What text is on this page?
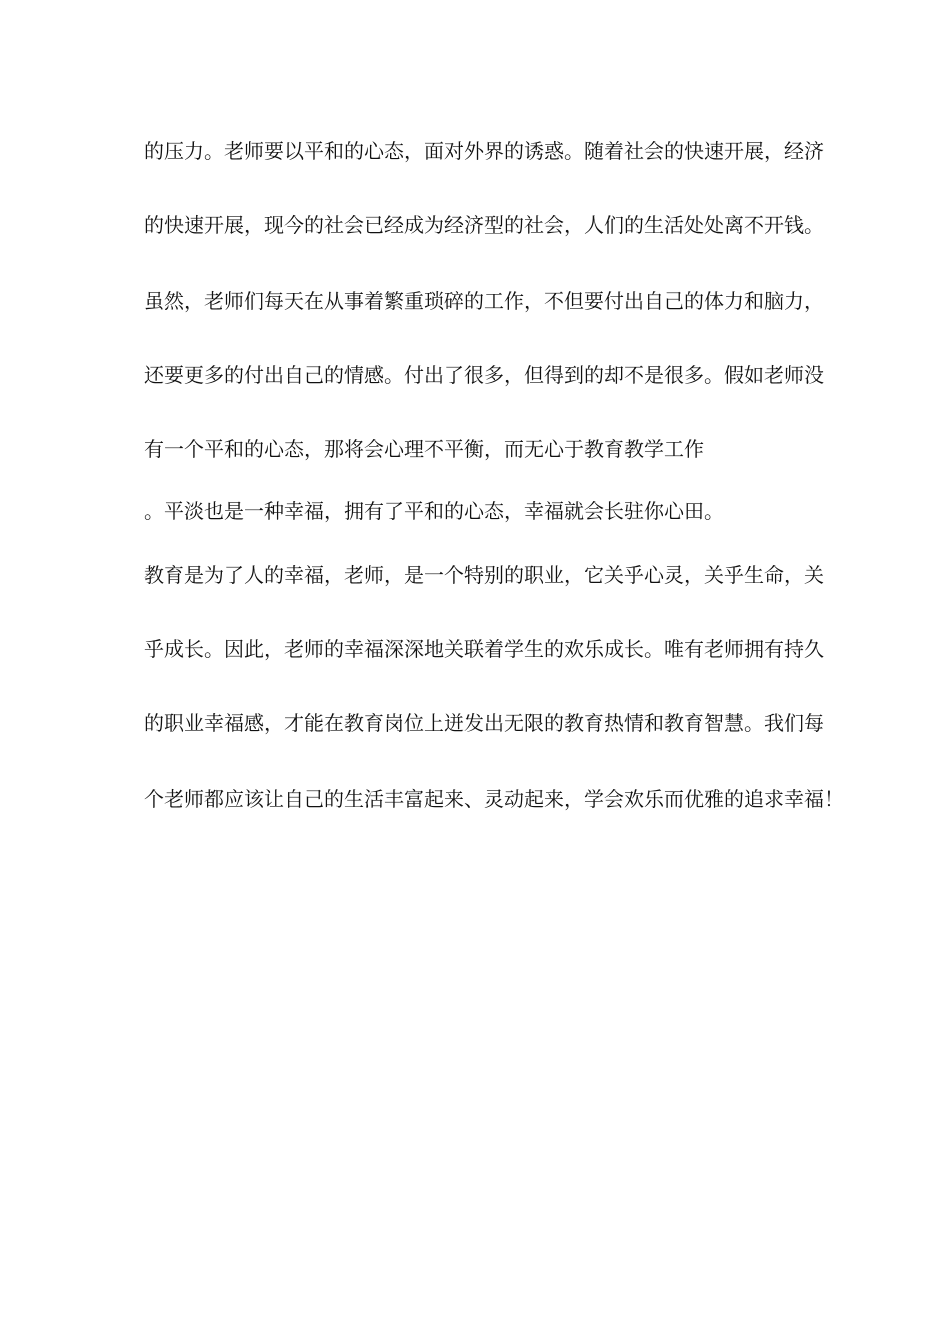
的压力。老师要以平和的心态，面对外界的诱惑。随着社会的快速开展，经济
的快速开展，现今的社会已经成为经济型的社会，人们的生活处处离不开钱。
虽然，老师们每天在从事着繁重琐碎的工作，不但要付出自己的体力和脑力，
还要更多的付出自己的情感。付出了很多，但得到的却不是很多。假如老师没
有一个平和的心态，那将会心理不平衡，而无心于教育教学工作
。平淡也是一种幸福，拥有了平和的心态，幸福就会长驻你心田。
教育是为了人的幸福，老师，是一个特别的职业，它关乎心灵，关乎生命，关
乎成长。因此，老师的幸福深深地关联着学生的欢乐成长。唯有老师拥有持久
的职业幸福感，才能在教育岗位上迸发出无限的教育热情和教育智慧。我们每
个老师都应该让自己的生活丰富起来、灵动起来，学会欢乐而优雅的追求幸福！
